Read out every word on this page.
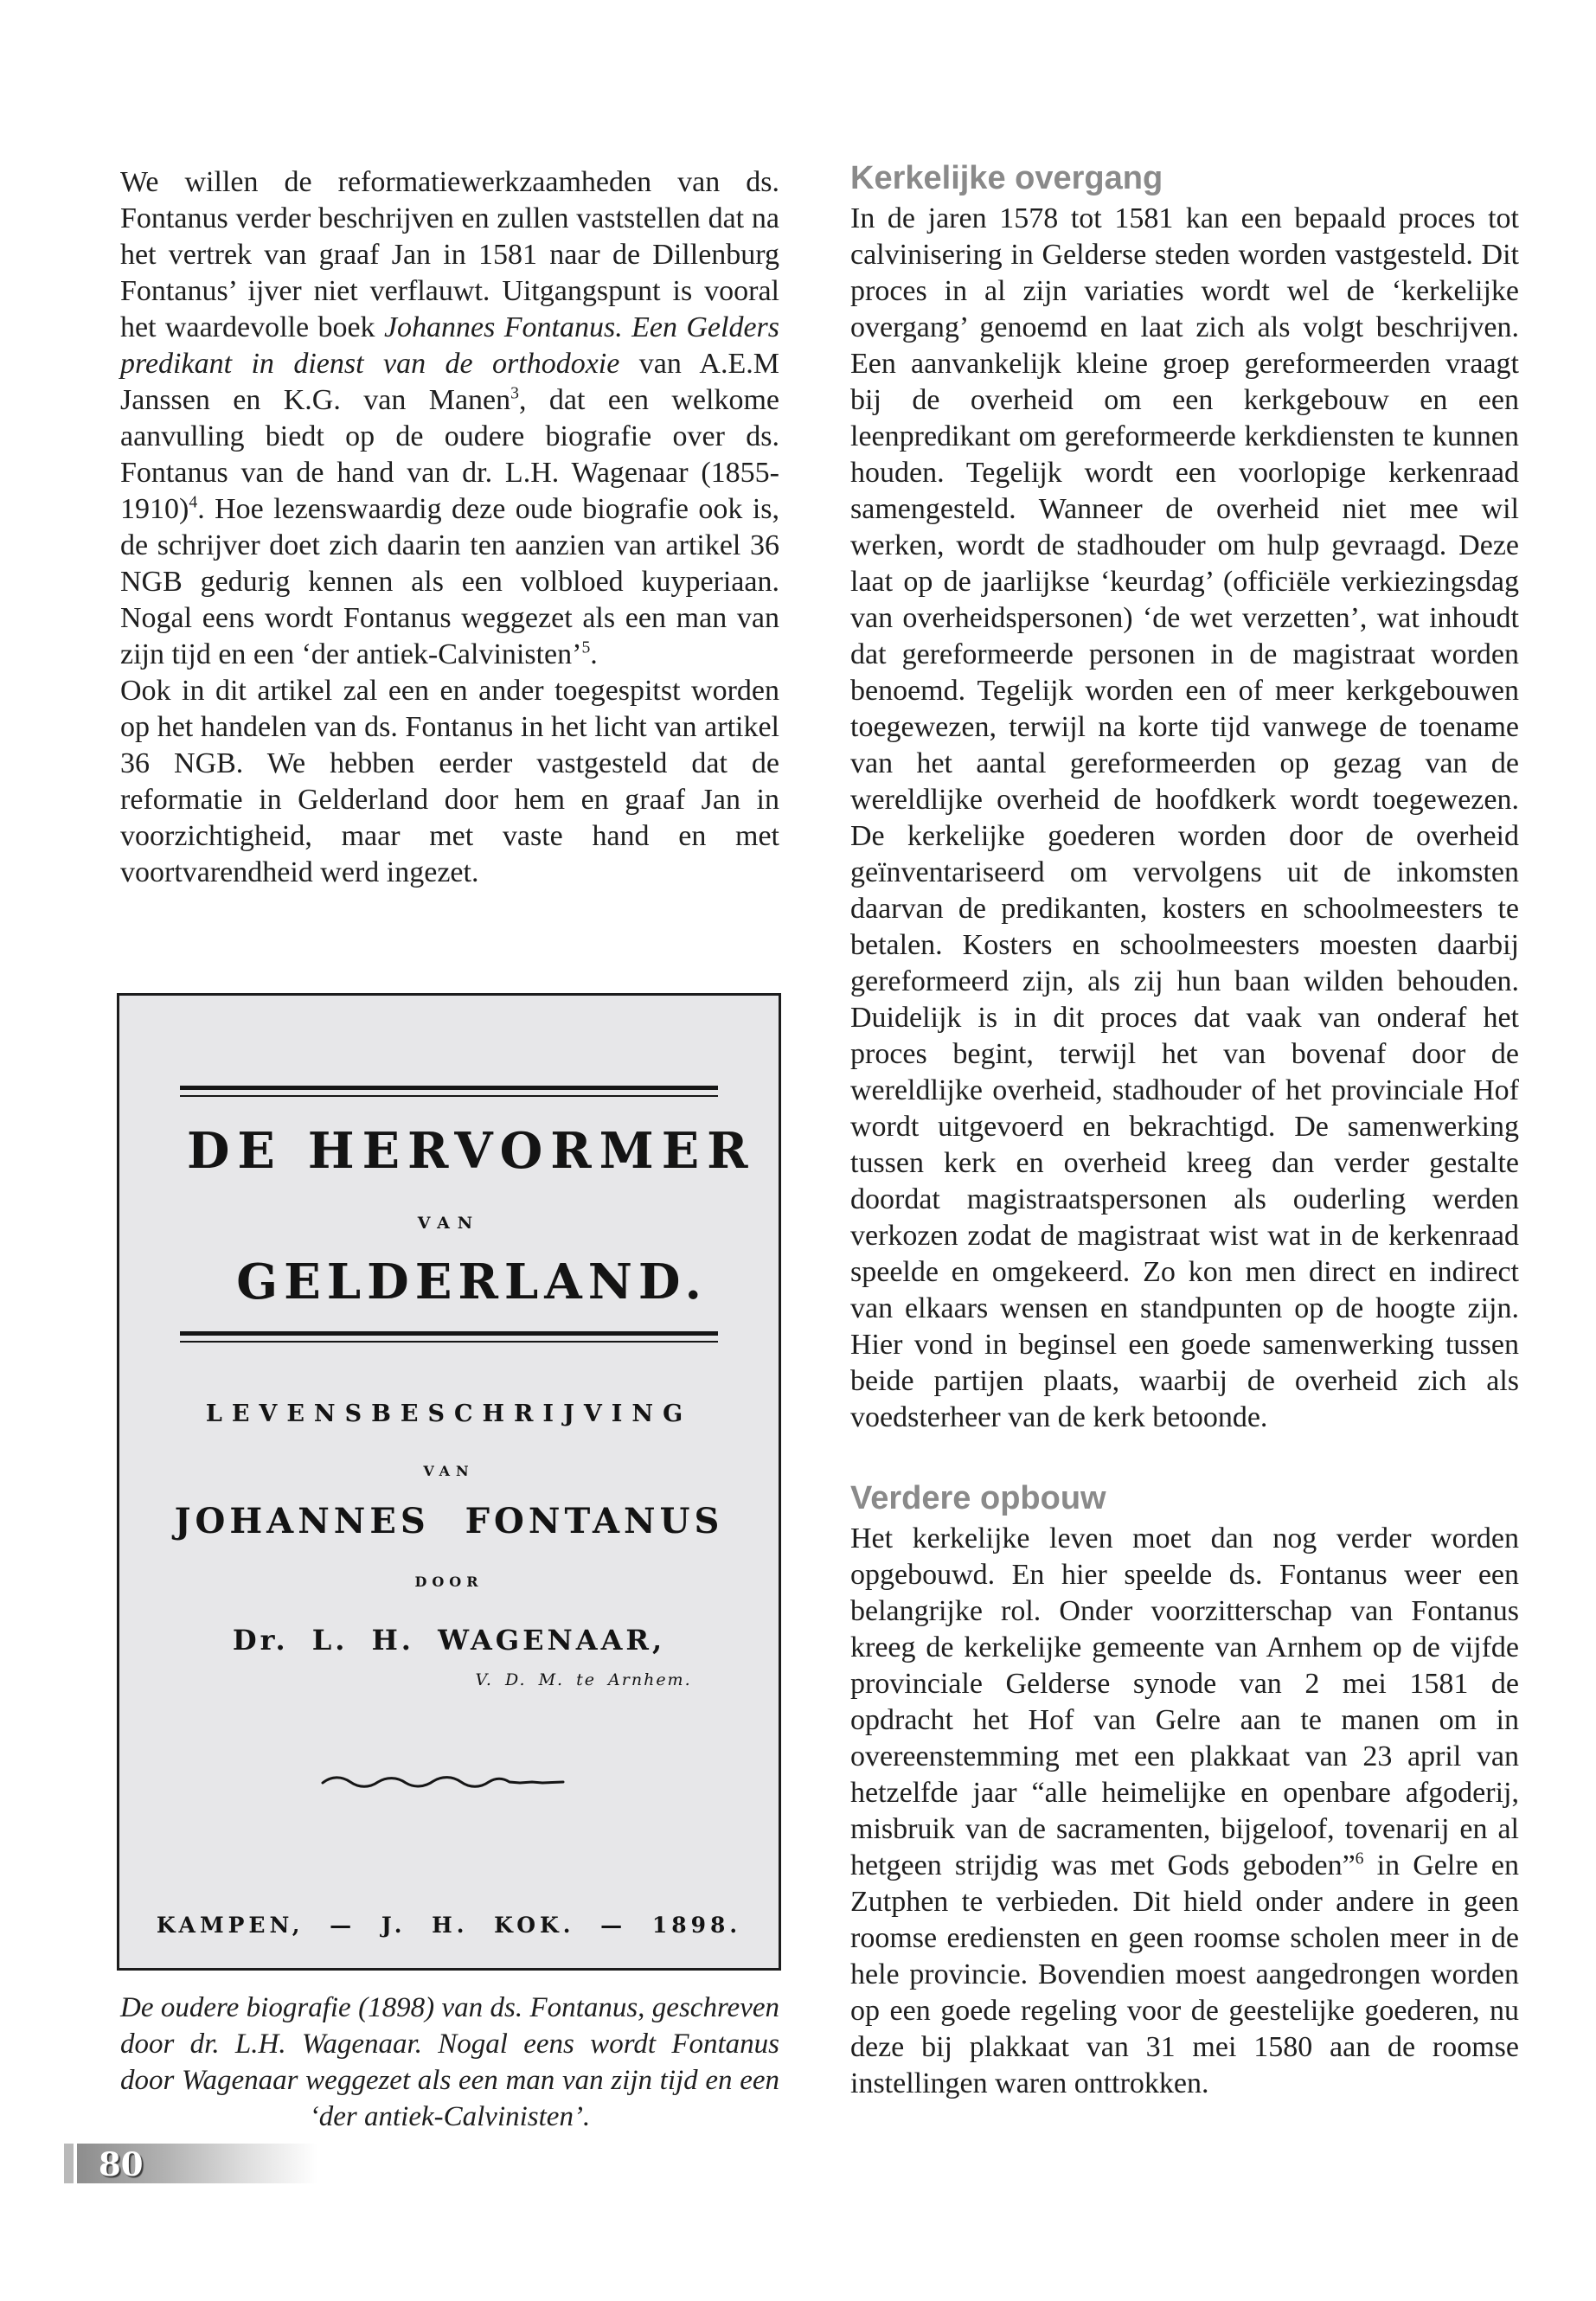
We willen de reformatiewerkzaamheden van ds. Fontanus verder beschrijven en zullen vaststellen dat na het vertrek van graaf Jan in 1581 naar de Dillenburg Fontanus’ ijver niet verflauwt. Uitgangspunt is vooral het waardevolle boek Johannes Fontanus. Een Gelders predikant in dienst van de orthodoxie van A.E.M Janssen en K.G. van Manen$^3$, dat een welkome aanvulling biedt op de oudere biografie over ds. Fontanus van de hand van dr. L.H. Wagenaar (1855-1910)$^4$. Hoe lezenswaardig deze oude biografie ook is, de schrijver doet zich daarin ten aanzien van artikel 36 NGB gedurig kennen als een volbloed kuyperiaan. Nogal eens wordt Fontanus weggezet als een man van zijn tijd en een ‘der antiek-Calvinisten’$^5$.

Ook in dit artikel zal een en ander toegespitst worden op het handelen van ds. Fontanus in het licht van artikel 36 NGB. We hebben eerder vastgesteld dat de reformatie in Gelderland door hem en graaf Jan in voorzichtigheid, maar met vaste hand en met voortvarendheid werd ingezet.

DE HERVORMER
VAN
GELDERLAND.
LEVENSBESCHRIJVING
VAN
JOHANNES FONTANUS
DOOR
Dr. L. H. WAGENAAR,
V. D. M. te Arnhem.
KAMPEN, — J. H. KOK. — 1898.
De oudere biografie (1898) van ds. Fontanus, geschreven door dr. L.H. Wagenaar. Nogal eens wordt Fontanus door Wagenaar weggezet als een man van zijn tijd en een ‘der antiek-Calvinisten’.
Kerkelijke overgang

In de jaren 1578 tot 1581 kan een bepaald proces tot calvinisering in Gelderse steden worden vastgesteld. Dit proces in al zijn variaties wordt wel de ‘kerkelijke overgang’ genoemd en laat zich als volgt beschrijven. Een aanvankelijk kleine groep gereformeerden vraagt bij de overheid om een kerkgebouw en een leenpredikant om gereformeerde kerkdiensten te kunnen houden. Tegelijk wordt een voorlopige kerkenraad samengesteld. Wanneer de overheid niet mee wil werken, wordt de stadhouder om hulp gevraagd. Deze laat op de jaarlijkse ‘keurdag’ (officiële verkiezingsdag van overheidspersonen) ‘de wet verzetten’, wat inhoudt dat gereformeerde personen in de magistraat worden benoemd. Tegelijk worden een of meer kerkgebouwen toegewezen, terwijl na korte tijd vanwege de toename van het aantal gereformeerden op gezag van de wereldlijke overheid de hoofdkerk wordt toegewezen. De kerkelijke goederen worden door de overheid geïnventariseerd om vervolgens uit de inkomsten daarvan de predikanten, kosters en schoolmeesters te betalen. Kosters en schoolmeesters moesten daarbij gereformeerd zijn, als zij hun baan wilden behouden. Duidelijk is in dit proces dat vaak van onderaf het proces begint, terwijl het van bovenaf door de wereldlijke overheid, stadhouder of het provinciale Hof wordt uitgevoerd en bekrachtigd. De samenwerking tussen kerk en overheid kreeg dan verder gestalte doordat magistraatspersonen als ouderling werden verkozen zodat de magistraat wist wat in de kerkenraad speelde en omgekeerd. Zo kon men direct en indirect van elkaars wensen en standpunten op de hoogte zijn. Hier vond in beginsel een goede samenwerking tussen beide partijen plaats, waarbij de overheid zich als voedsterheer van de kerk betoonde.

Verdere opbouw

Het kerkelijke leven moet dan nog verder worden opgebouwd. En hier speelde ds. Fontanus weer een belangrijke rol. Onder voorzitterschap van Fontanus kreeg de kerkelijke gemeente van Arnhem op de vijfde provinciale Gelderse synode van 2 mei 1581 de opdracht het Hof van Gelre aan te manen om in overeenstemming met een plakkaat van 23 april van hetzelfde jaar “alle heimelijke en openbare afgoderij, misbruik van de sacramenten, bijgeloof, tovenarij en al hetgeen strijdig was met Gods geboden”$^6$ in Gelre en Zutphen te verbieden. Dit hield onder andere in geen roomse erediensten en geen roomse scholen meer in de hele provincie. Bovendien moest aangedrongen worden op een goede regeling voor de geestelijke goederen, nu deze bij plakkaat van 31 mei 1580 aan de roomse instellingen waren onttrokken.

80
